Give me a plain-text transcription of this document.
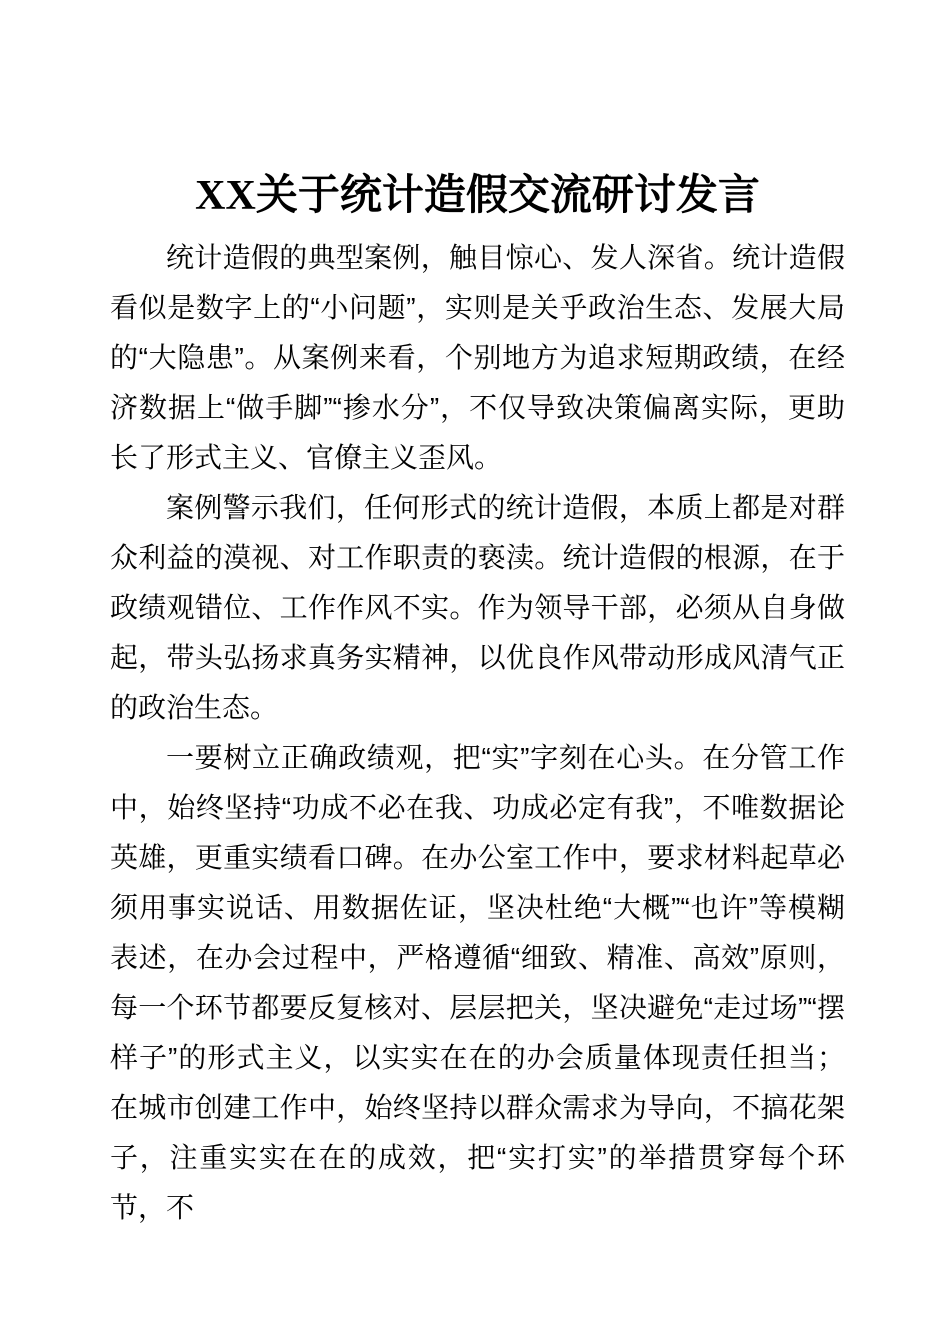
XX关于统计造假交流研讨发言

统计造假的典型案例，触目惊心、发人深省。统计造假看似是数字上的“小问题”，实则是关乎政治生态、发展大局的“大隐患”。从案例来看，个别地方为追求短期政绩，在经济数据上“做手脚”“掺水分”，不仅导致决策偏离实际，更助长了形式主义、官僚主义歪风。

案例警示我们，任何形式的统计造假，本质上都是对群众利益的漠视、对工作职责的亵渎。统计造假的根源，在于政绩观错位、工作作风不实。作为领导干部，必须从自身做起，带头弘扬求真务实精神，以优良作风带动形成风清气正的政治生态。

一要树立正确政绩观，把“实”字刻在心头。在分管工作中，始终坚持“功成不必在我、功成必定有我”，不唯数据论英雄，更重实绩看口碑。在办公室工作中，要求材料起草必须用事实说话、用数据佐证，坚决杜绝“大概”“也许”等模糊表述，在办会过程中，严格遵循“细致、精准、高效”原则，每一个环节都要反复核对、层层把关，坚决避免“走过场”“摆样子”的形式主义，以实实在在的办会质量体现责任担当；在城市创建工作中，始终坚持以群众需求为导向，不搞花架子，注重实实在在的成效，把“实打实”的举措贯穿每个环节，不
